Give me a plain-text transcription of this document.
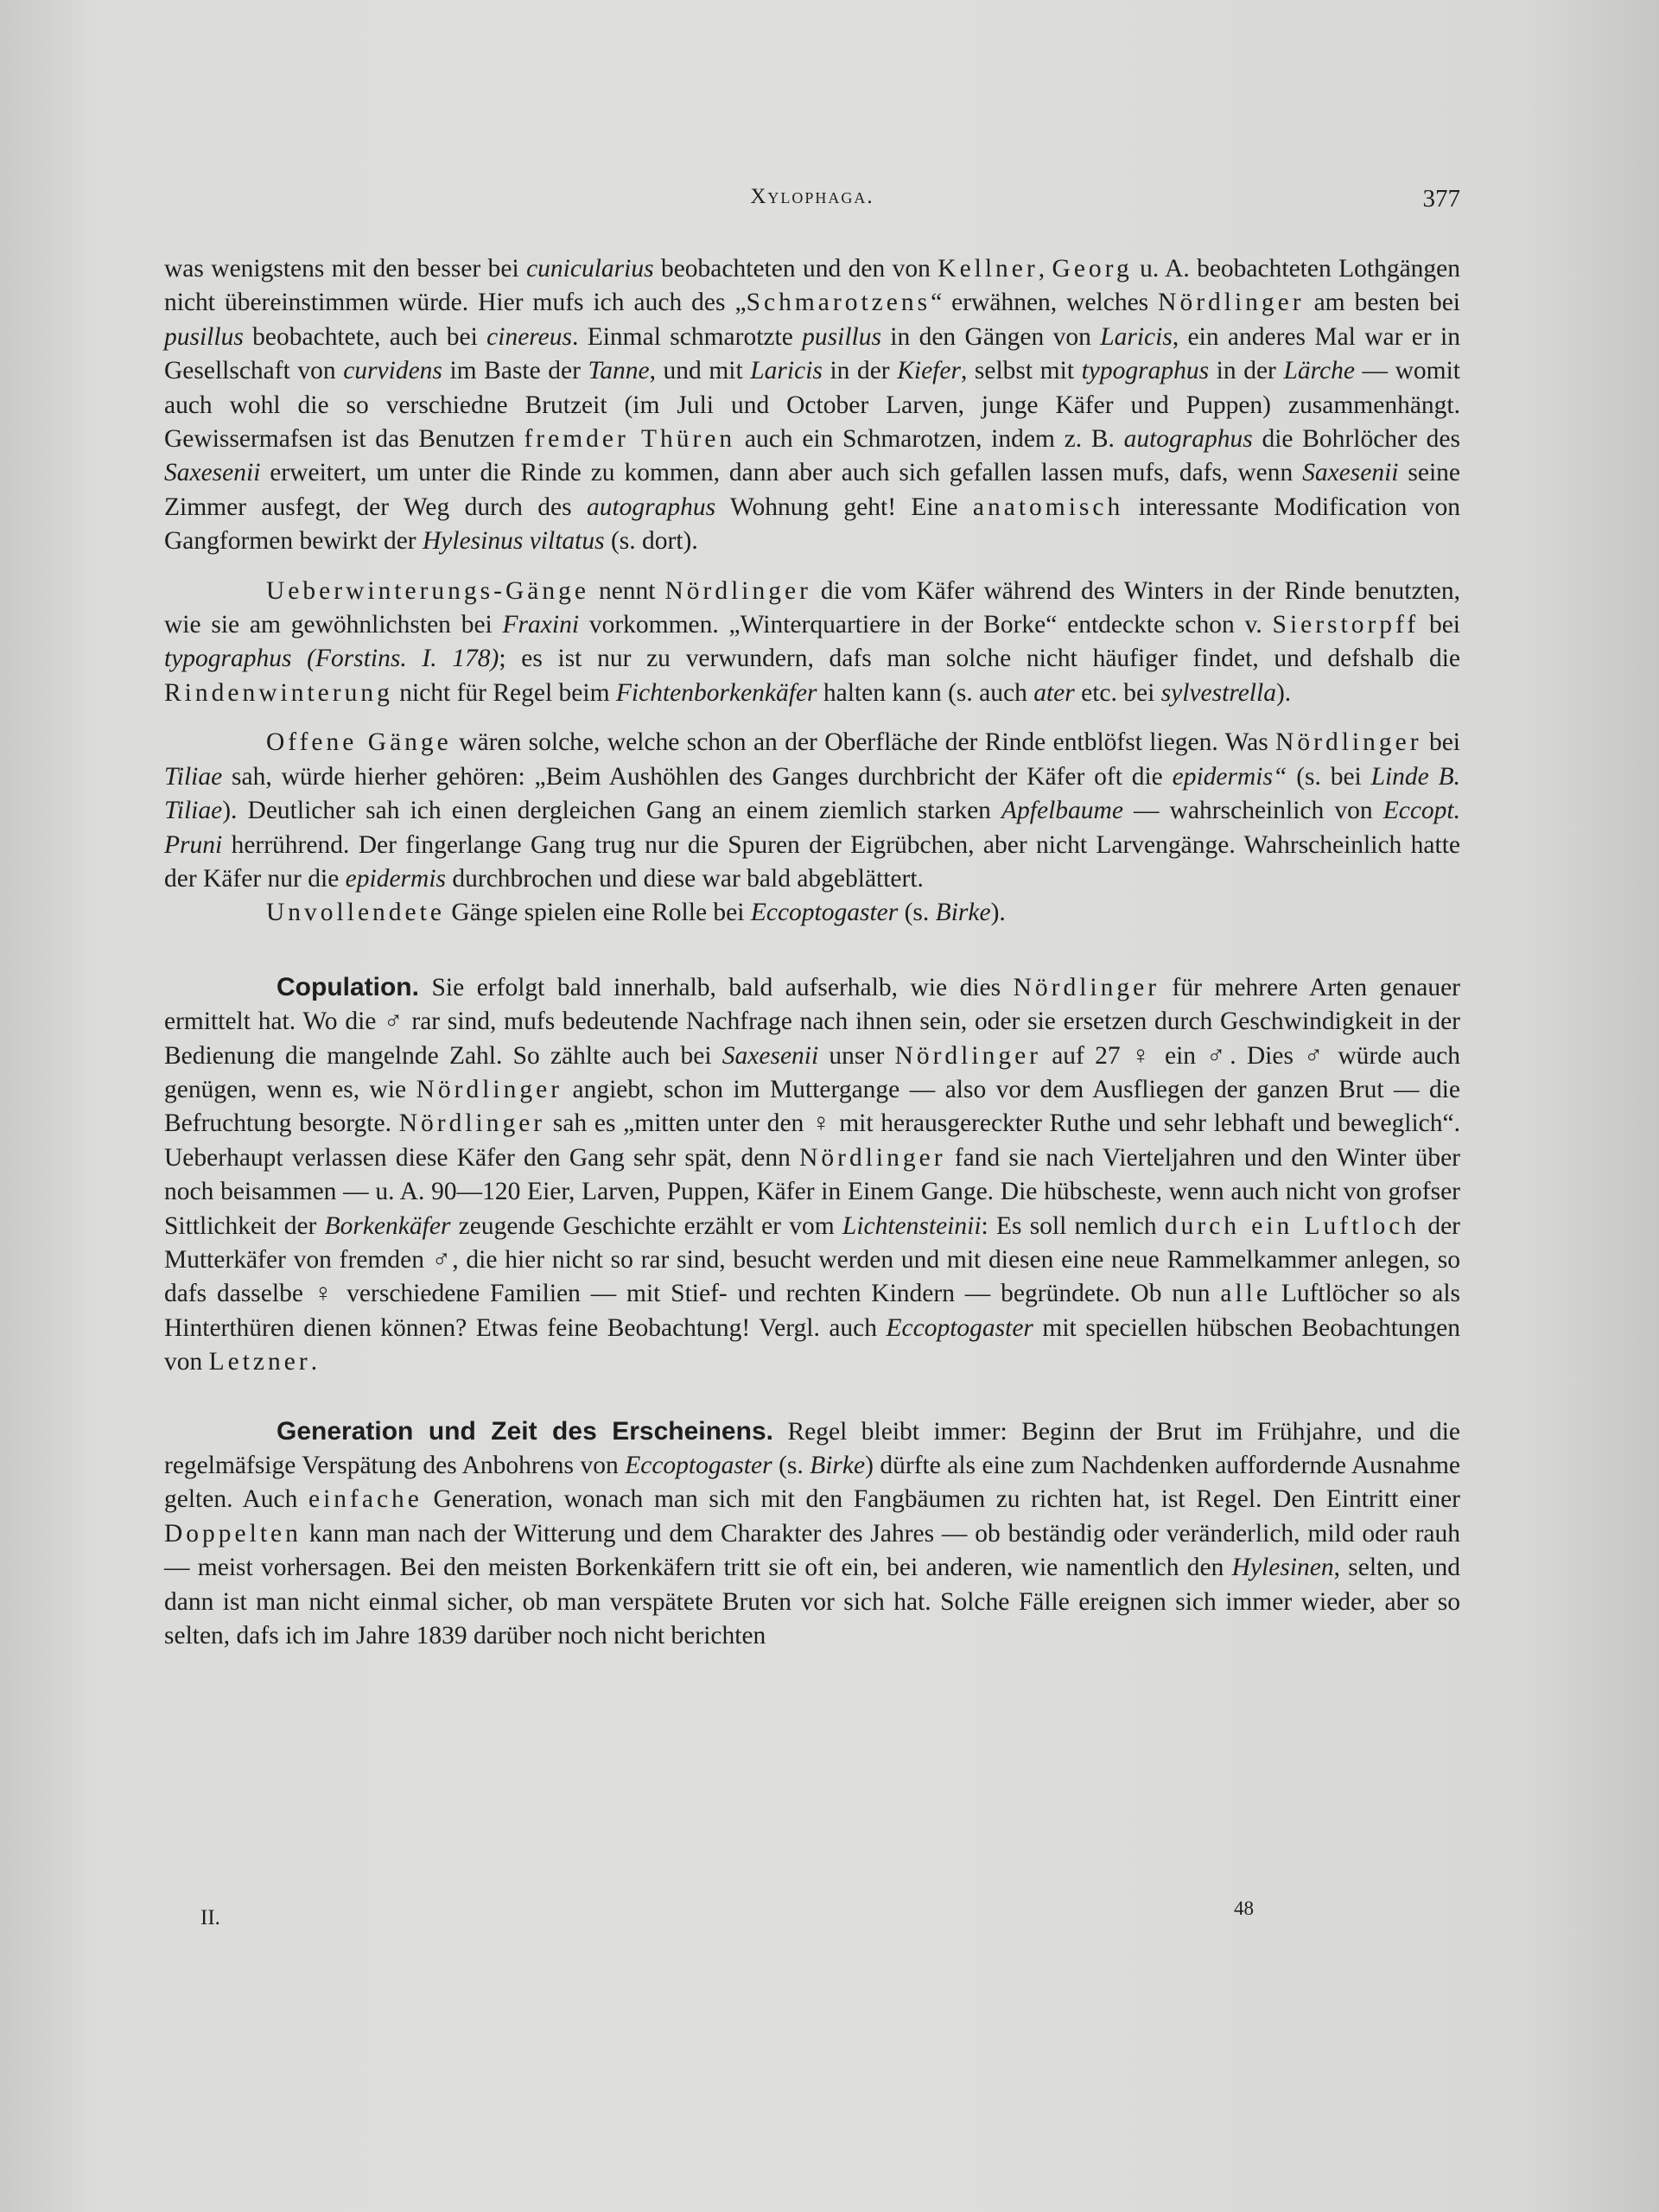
Xylophaga.	377

was wenigstens mit den besser bei cunicularius beobachteten und den von Kellner, Georg u. A. beobachteten Lothgängen nicht übereinstimmen würde. Hier mufs ich auch des „Schmarotzens“ erwähnen, welches Nördlinger am besten bei pusillus beobachtete, auch bei cinereus. Einmal schmarotzte pusillus in den Gängen von Laricis, ein anderes Mal war er in Gesellschaft von curvidens im Baste der Tanne, und mit Laricis in der Kiefer, selbst mit typographus in der Lärche — womit auch wohl die so verschiedne Brutzeit (im Juli und October Larven, junge Käfer und Puppen) zusammenhängt. Gewissermafsen ist das Benutzen fremder Thüren auch ein Schmarotzen, indem z. B. autographus die Bohrlöcher des Saxesenii erweitert, um unter die Rinde zu kommen, dann aber auch sich gefallen lassen mufs, dafs, wenn Saxesenii seine Zimmer ausfegt, der Weg durch des autographus Wohnung geht! Eine anatomisch interessante Modification von Gangformen bewirkt der Hylesinus viltatus (s. dort).

Ueberwinterungs-Gänge nennt Nördlinger die vom Käfer während des Winters in der Rinde benutzten, wie sie am gewöhnlichsten bei Fraxini vorkommen. „Winterquartiere in der Borke“ entdeckte schon v. Sierstorpff bei typographus (Forstins. I. 178); es ist nur zu verwundern, dafs man solche nicht häufiger findet, und defshalb die Rindenwinterung nicht für Regel beim Fichtenborkenkäfer halten kann (s. auch ater etc. bei sylvestrella).

Offene Gänge wären solche, welche schon an der Oberfläche der Rinde entblöfst liegen. Was Nördlinger bei Tiliae sah, würde hierher gehören: „Beim Aushöhlen des Ganges durchbricht der Käfer oft die epidermis“ (s. bei Linde B. Tiliae). Deutlicher sah ich einen dergleichen Gang an einem ziemlich starken Apfelbaume — wahrscheinlich von Eccopt. Pruni herrührend. Der fingerlange Gang trug nur die Spuren der Eigrübchen, aber nicht Larvengänge. Wahrscheinlich hatte der Käfer nur die epidermis durchbrochen und diese war bald abgeblättert.

Unvollendete Gänge spielen eine Rolle bei Eccoptogaster (s. Birke).

Copulation. Sie erfolgt bald innerhalb, bald aufserhalb, wie dies Nördlinger für mehrere Arten genauer ermittelt hat. Wo die ♂ rar sind, mufs bedeutende Nachfrage nach ihnen sein, oder sie ersetzen durch Geschwindigkeit in der Bedienung die mangelnde Zahl. So zählte auch bei Saxesenii unser Nördlinger auf 27 ♀ ein ♂. Dies ♂ würde auch genügen, wenn es, wie Nördlinger angiebt, schon im Muttergange — also vor dem Ausfliegen der ganzen Brut — die Befruchtung besorgte. Nördlinger sah es „mitten unter den ♀ mit herausgereckter Ruthe und sehr lebhaft und beweglich“. Ueberhaupt verlassen diese Käfer den Gang sehr spät, denn Nördlinger fand sie nach Vierteljahren und den Winter über noch beisammen — u. A. 90—120 Eier, Larven, Puppen, Käfer in Einem Gange. Die hübscheste, wenn auch nicht von grofser Sittlichkeit der Borkenkäfer zeugende Geschichte erzählt er vom Lichtensteinii: Es soll nemlich durch ein Luftloch der Mutterkäfer von fremden ♂, die hier nicht so rar sind, besucht werden und mit diesen eine neue Rammelkammer anlegen, so dafs dasselbe ♀ verschiedene Familien — mit Stief- und rechten Kindern — begründete. Ob nun alle Luftlöcher so als Hinterthüren dienen können? Etwas feine Beobachtung! Vergl. auch Eccoptogaster mit speciellen hübschen Beobachtungen von Letzner.

Generation und Zeit des Erscheinens. Regel bleibt immer: Beginn der Brut im Frühjahre, und die regelmäfsige Verspätung des Anbohrens von Eccoptogaster (s. Birke) dürfte als eine zum Nachdenken auffordernde Ausnahme gelten. Auch einfache Generation, wonach man sich mit den Fangbäumen zu richten hat, ist Regel. Den Eintritt einer Doppelten kann man nach der Witterung und dem Charakter des Jahres — ob beständig oder veränderlich, mild oder rauh — meist vorhersagen. Bei den meisten Borkenkäfern tritt sie oft ein, bei anderen, wie namentlich den Hylesinen, selten, und dann ist man nicht einmal sicher, ob man verspätete Bruten vor sich hat. Solche Fälle ereignen sich immer wieder, aber so selten, dafs ich im Jahre 1839 darüber noch nicht berichten

II.	48
